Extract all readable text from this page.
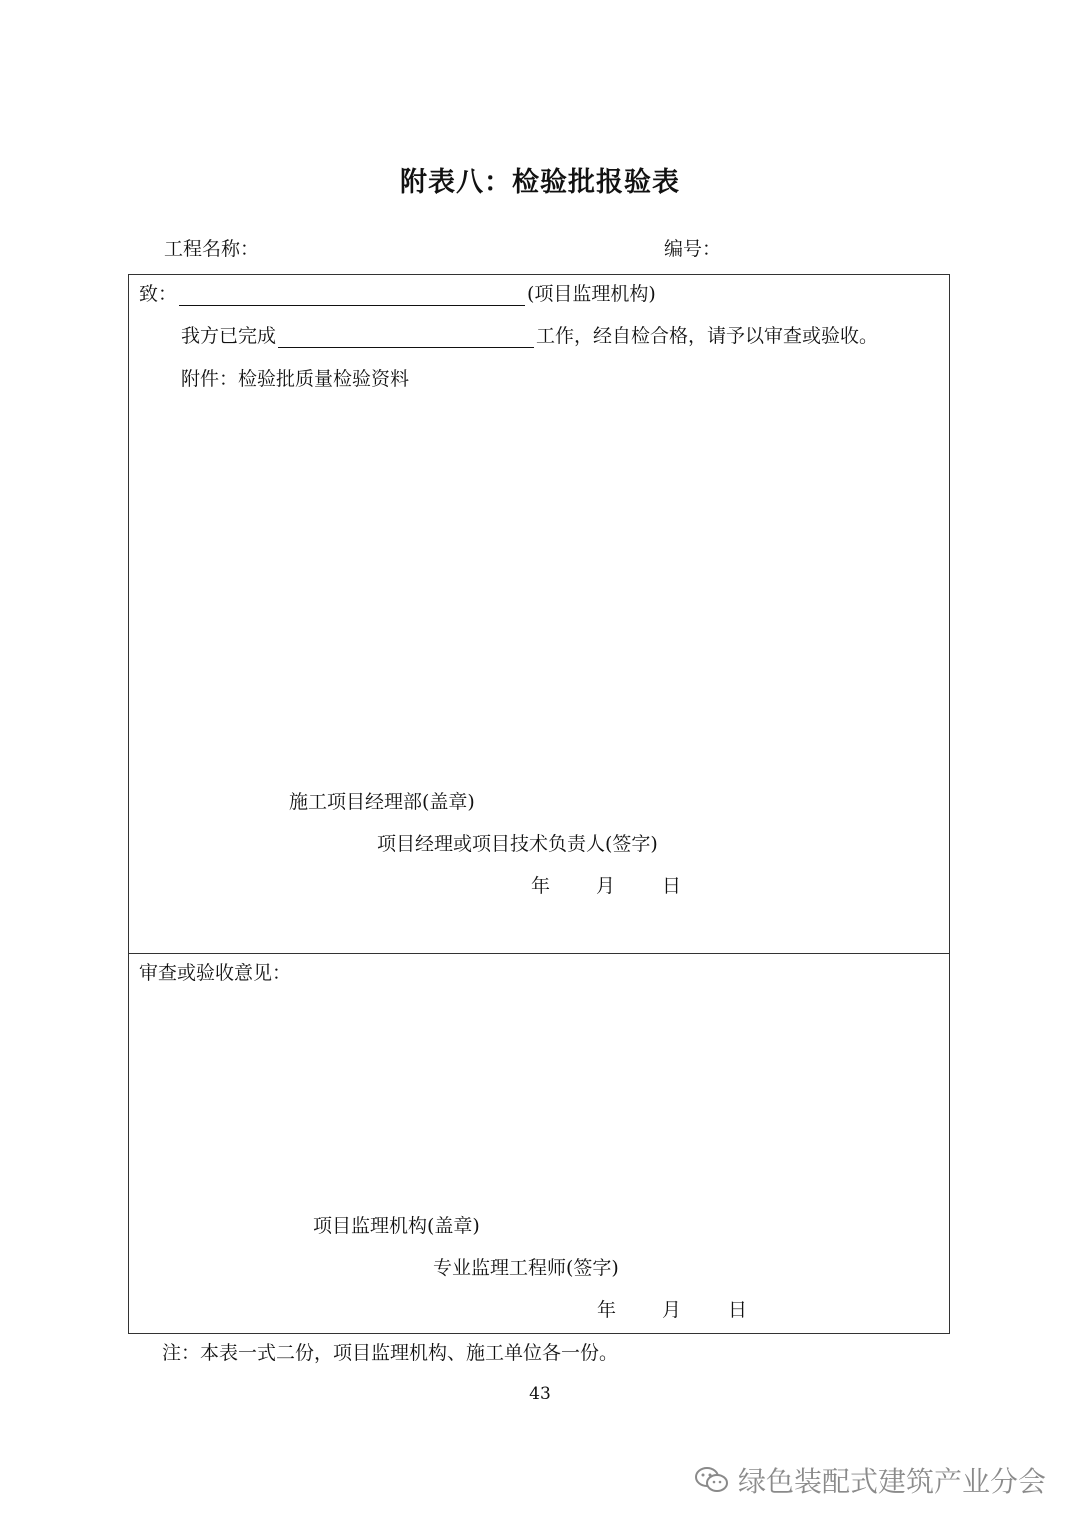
附表八：检验批报验表
工程名称：	编号：
致：	(项目监理机构)
我方已完成	工作，经自检合格，请予以审查或验收。
附件：检验批质量检验资料
施工项目经理部(盖章)
项目经理或项目技术负责人(签字)
年 月 日
审查或验收意见：
项目监理机构(盖章)
专业监理工程师(签字)
年 月 日
注：本表一式二份，项目监理机构、施工单位各一份。
43
绿色装配式建筑产业分会
